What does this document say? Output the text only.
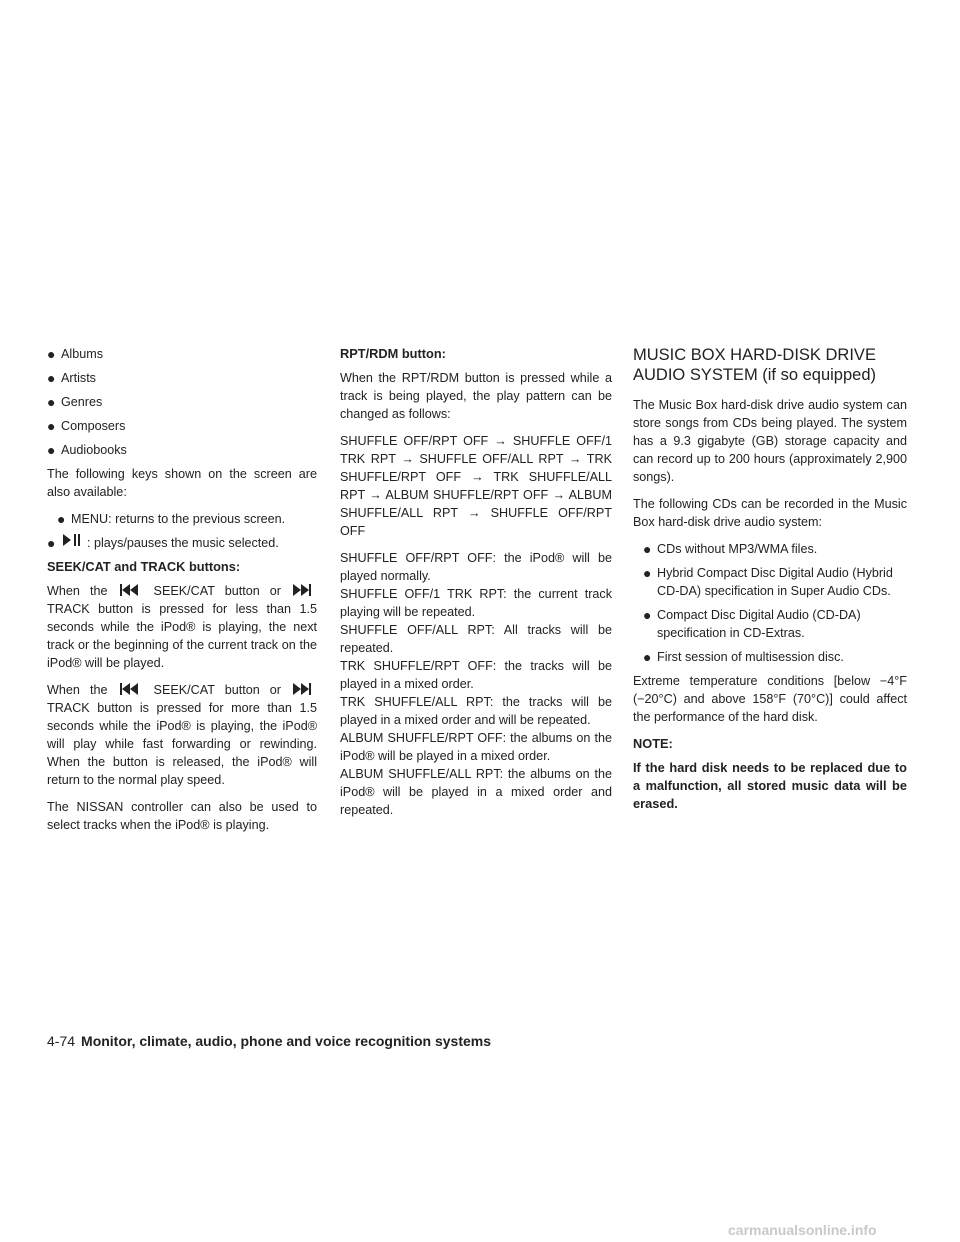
● Albums
● Artists
● Genres
● Composers
● Audiobooks

The following keys shown on the screen are also available:

● MENU: returns to the previous screen.
●	: plays/pauses the music selected.
SEEK/CAT and TRACK buttons:

When the	SEEK/CAT button or
TRACK button is pressed for less than 1.5 seconds while the iPod® is playing, the next track or the beginning of the current track on the iPod® will be played.

When the	SEEK/CAT button or
TRACK button is pressed for more than 1.5 seconds while the iPod® is playing, the iPod® will play while fast forwarding or rewinding. When the button is released, the iPod® will return to the normal play speed.

The NISSAN controller can also be used to select tracks when the iPod® is playing.

RPT/RDM button:

When the RPT/RDM button is pressed while a track is being played, the play pattern can be changed as follows:

SHUFFLE OFF/RPT OFF → SHUFFLE OFF/1 TRK RPT → SHUFFLE OFF/ALL RPT → TRK SHUFFLE/RPT OFF → TRK SHUFFLE/ALL RPT → ALBUM SHUFFLE/RPT OFF → ALBUM SHUFFLE/ALL RPT → SHUFFLE OFF/RPT OFF

SHUFFLE OFF/RPT OFF: the iPod® will be played normally.

SHUFFLE OFF/1 TRK RPT: the current track playing will be repeated.

SHUFFLE OFF/ALL RPT: All tracks will be repeated.

TRK SHUFFLE/RPT OFF: the tracks will be played in a mixed order.

TRK SHUFFLE/ALL RPT: the tracks will be played in a mixed order and will be repeated.

ALBUM SHUFFLE/RPT OFF: the albums on the iPod® will be played in a mixed order.

ALBUM SHUFFLE/ALL RPT: the albums on the iPod® will be played in a mixed order and repeated.

MUSIC BOX HARD-DISK DRIVE
AUDIO SYSTEM (if so equipped)

The Music Box hard-disk drive audio system can store songs from CDs being played. The system has a 9.3 gigabyte (GB) storage capacity and can record up to 200 hours (approximately 2,900 songs).

The following CDs can be recorded in the Music Box hard-disk drive audio system:

● CDs without MP3/WMA files.
● Hybrid Compact Disc Digital Audio (Hybrid CD-DA) specification in Super Audio CDs.
● Compact Disc Digital Audio (CD-DA) specification in CD-Extras.
● First session of multisession disc.

Extreme temperature conditions [below −4°F (−20°C) and above 158°F (70°C)] could affect the performance of the hard disk.

NOTE:

If the hard disk needs to be replaced due to a malfunction, all stored music data will be erased.

4-74 Monitor, climate, audio, phone and voice recognition systems
carmanualsonline.info
